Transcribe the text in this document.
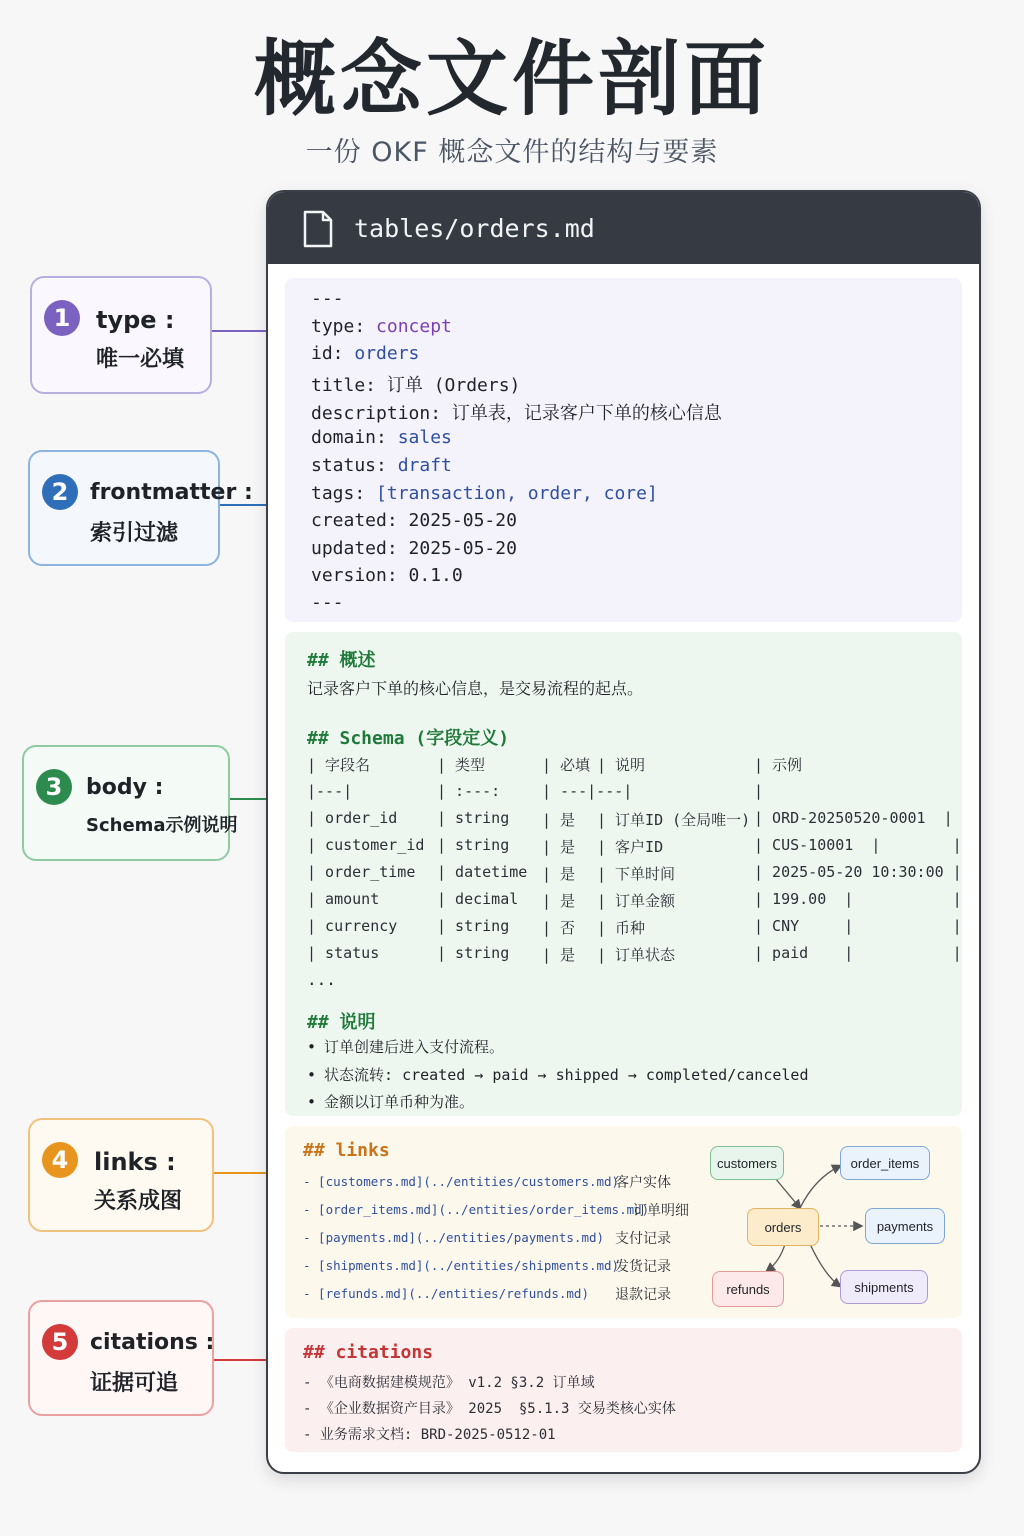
概念文件剖面
一份 OKF 概念文件的结构与要素
1	type :
唯一必填
2 frontmatter :
索引过滤
3	body :
Schema示例说明
4	links :
关系成图
5 citations :
证据可追
tables/orders.md
---
type: concept
id: orders
title: 订单 (Orders)
description: 订单表，记录客户下单的核心信息
domain: sales
status: draft
tags: [transaction, order, core]
created: 2025-05-20
updated: 2025-05-20
version: 0.1.0
---
## 概述
记录客户下单的核心信息，是交易流程的起点。
## Schema (字段定义)
| 字段名	| 类型	| 必填 | 说明	| 示例
|---|	| :---:	| ---|---|	|
| order_id	| string | 是 | 订单ID (全局唯一) | ORD-20250520-0001  |
| customer_id | string | 是 | 客户ID	| CUS-10001  |        |
| order_time | datetime | 是 | 下单时间	| 2025-05-20 10:30:00 |
| amount	| decimal | 是 | 订单金额	| 199.00  |           |
| currency	| string | 否 | 币种	| CNY     |           |
| status	| string | 是 | 订单状态	| paid    |           |
...
## 说明
• 订单创建后进入支付流程。
• 状态流转: created → paid → shipped → completed/canceled
• 金额以订单币种为准。
## links
- [customers.md](../entities/customers.md)
客户实体
- [order_items.md](../entities/order_items.md)
订单明细
- [payments.md](../entities/payments.md) 支付记录
- [shipments.md](../entities/shipments.md)
发货记录
- [refunds.md](../entities/refunds.md) 退款记录
customers	order_items
orders	payments
refunds	shipments
## citations
- 《电商数据建模规范》 v1.2 §3.2 订单域
- 《企业数据资产目录》 2025  §5.1.3 交易类核心实体
- 业务需求文档: BRD-2025-0512-01
